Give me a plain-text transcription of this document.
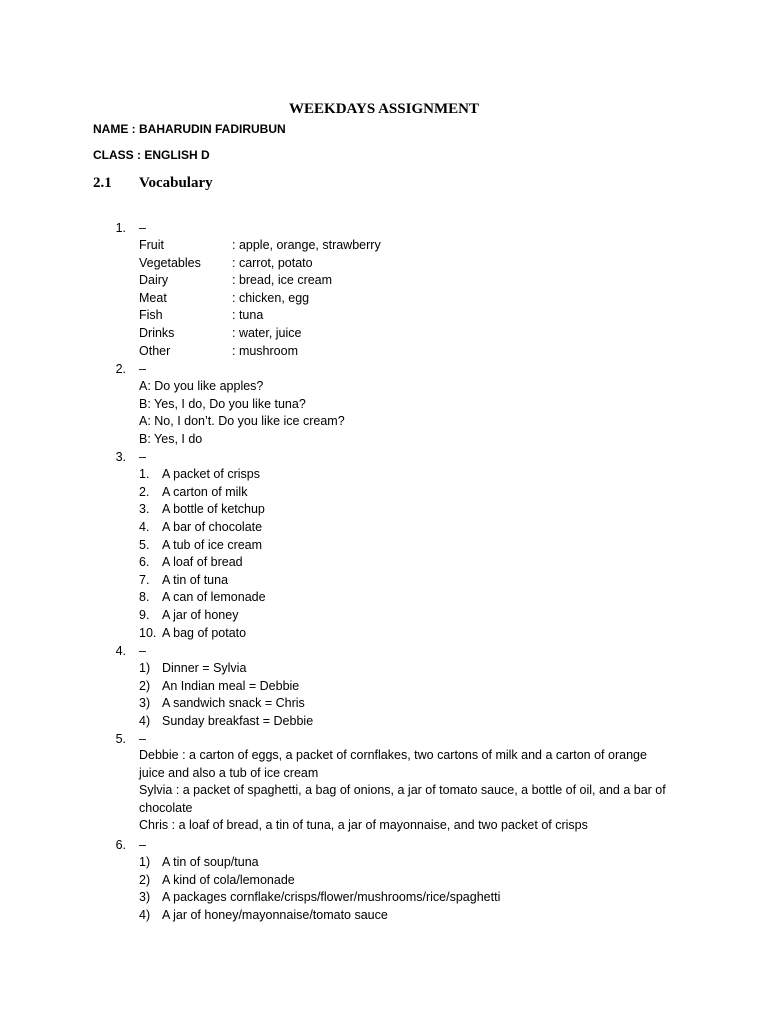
WEEKDAYS ASSIGNMENT
NAME : BAHARUDIN FADIRUBUN
CLASS : ENGLISH D
2.1 Vocabulary
1. –
Fruit	: apple, orange, strawberry
Vegetables : carrot, potato
Dairy	: bread, ice cream
Meat	: chicken, egg
Fish	: tuna
Drinks	: water, juice
Other	: mushroom
2. –
A: Do you like apples?
B: Yes, I do, Do you like tuna?
A: No, I don’t. Do you like ice cream?
B: Yes, I do
3. –
1. A packet of crisps
2. A carton of milk
3. A bottle of ketchup
4. A bar of chocolate
5. A tub of ice cream
6. A loaf of bread
7. A tin of tuna
8. A can of lemonade
9. A jar of honey
10. A bag of potato
4. –
1) Dinner = Sylvia
2) An Indian meal = Debbie
3) A sandwich snack = Chris
4) Sunday breakfast = Debbie
5. –
Debbie : a carton of eggs, a packet of cornflakes, two cartons of milk and a carton of orange juice and also a tub of ice cream
Sylvia : a packet of spaghetti, a bag of onions, a jar of tomato sauce, a bottle of oil, and a bar of chocolate
Chris : a loaf of bread, a tin of tuna, a jar of mayonnaise, and two packet of crisps
6. –
1) A tin of soup/tuna
2) A kind of cola/lemonade
3) A packages cornflake/crisps/flower/mushrooms/rice/spaghetti
4) A jar of honey/mayonnaise/tomato sauce
